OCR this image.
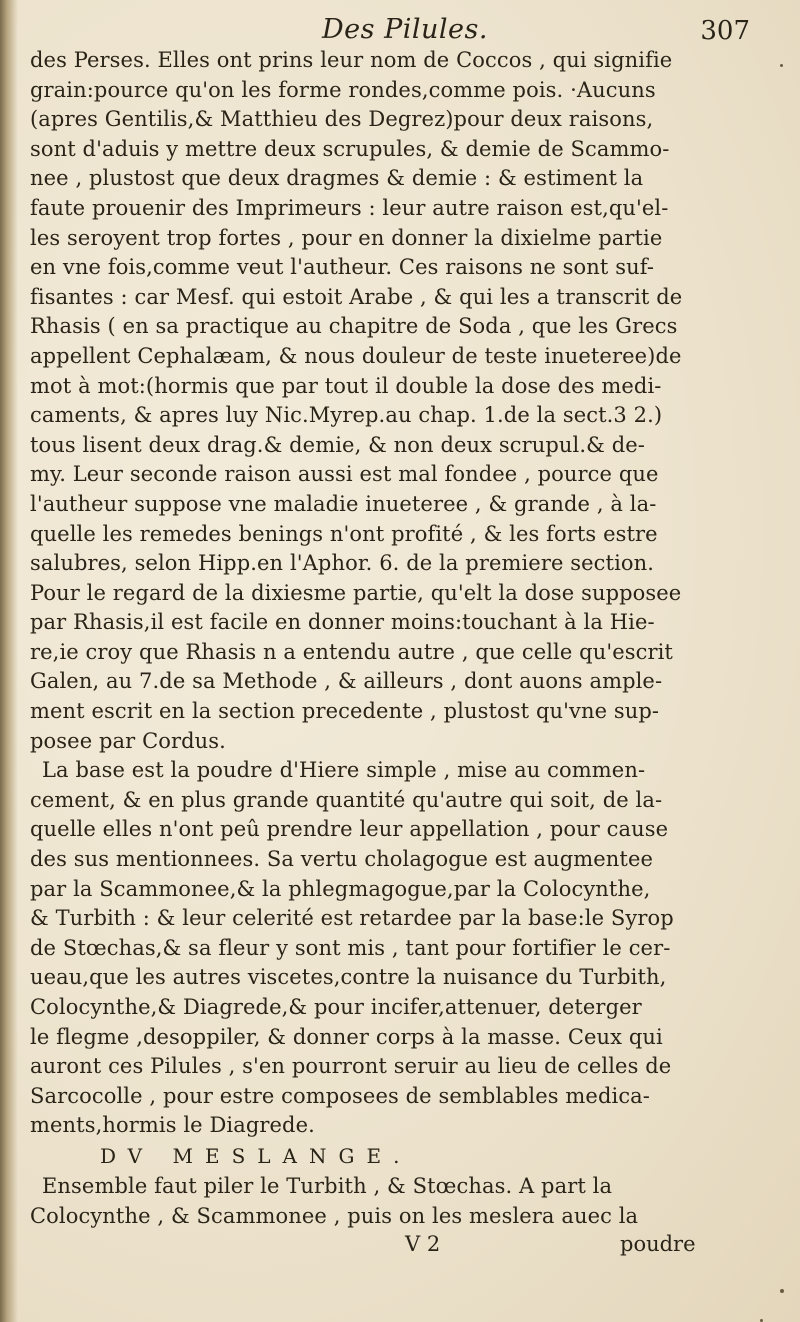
Des Pilules.	307
des Perses. Elles ont prins leur nom de Coccos , qui signifie
grain:pource qu'on les forme rondes,comme pois. ·Aucuns
(apres Gentilis,& Matthieu des Degrez)pour deux raisons,
sont d'aduis y mettre deux scrupules, & demie de Scammo-
nee , plustost que deux dragmes & demie : & estiment la
faute prouenir des Imprimeurs : leur autre raison est,qu'el-
les seroyent trop fortes , pour en donner la dixielme partie
en vne fois,comme veut l'autheur. Ces raisons ne sont suf-
fisantes : car Mesf. qui estoit Arabe , & qui les a transcrit de
Rhasis ( en sa practique au chapitre de Soda , que les Grecs
appellent Cephalæam, & nous douleur de teste inueteree)de
mot à mot:(hormis que par tout il double la dose des medi-
caments, & apres luy Nic.Myrep.au chap. 1.de la sect.3 2.)
tous lisent deux drag.& demie, & non deux scrupul.& de-
my. Leur seconde raison aussi est mal fondee , pource que
l'autheur suppose vne maladie inueteree , & grande , à la-
quelle les remedes benings n'ont profité , & les forts estre
salubres, selon Hipp.en l'Aphor. 6. de la premiere section.
Pour le regard de la dixiesme partie, qu'elt la dose supposee
par Rhasis,il est facile en donner moins:touchant à la Hie-
re,ie croy que Rhasis n a entendu autre , que celle qu'escrit
Galen, au 7.de sa Methode , & ailleurs , dont auons ample-
ment escrit en la section precedente , plustost qu'vne sup-
posee par Cordus.
La base est la poudre d'Hiere simple , mise au commen-
cement, & en plus grande quantité qu'autre qui soit, de la-
quelle elles n'ont peû prendre leur appellation , pour cause
des sus mentionnees. Sa vertu cholagogue est augmentee
par la Scammonee,& la phlegmagogue,par la Colocynthe,
& Turbith : & leur celerité est retardee par la base:le Syrop
de Stœchas,& sa fleur y sont mis , tant pour fortifier le cer-
ueau,que les autres viscetes,contre la nuisance du Turbith,
Colocynthe,& Diagrede,& pour incifer,attenuer, deterger
le flegme ,desoppiler, & donner corps à la masse. Ceux qui
auront ces Pilules , s'en pourront seruir au lieu de celles de
Sarcocolle , pour estre composees de semblables medica-
ments,hormis le Diagrede.
DV MESLANGE.
Ensemble faut piler le Turbith , & Stœchas. A part la
Colocynthe , & Scammonee , puis on les meslera auec la
V 2	poudre
